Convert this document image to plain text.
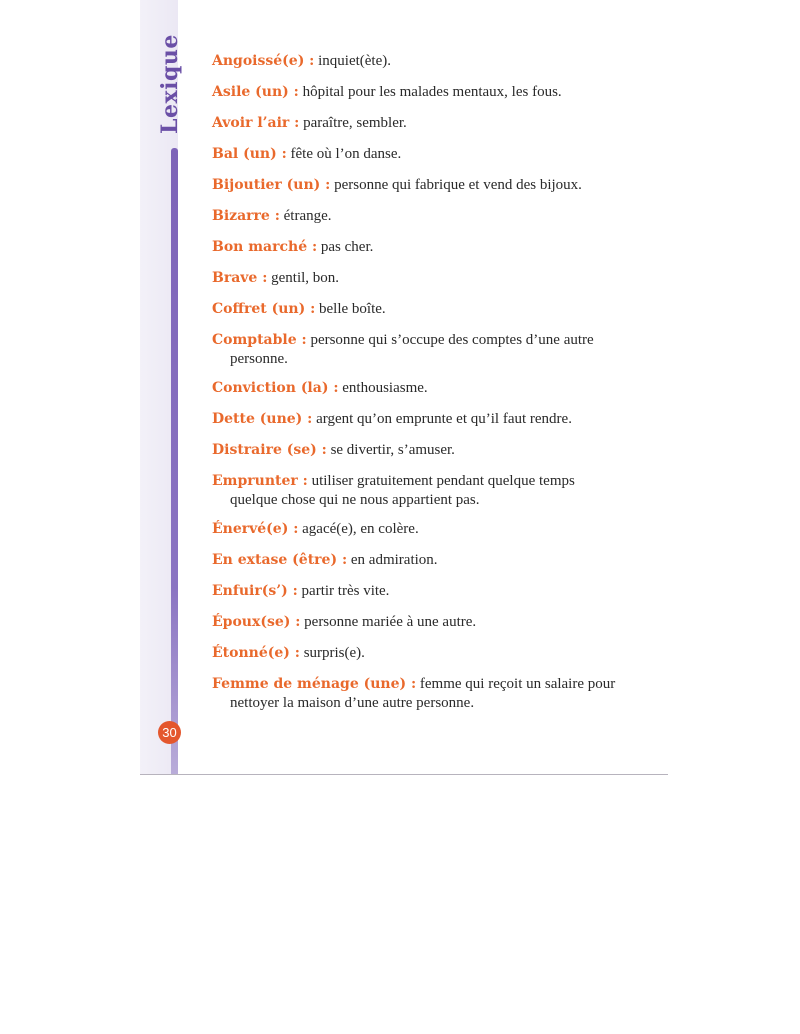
Lexique
30

Angoissé(e) : inquiet(ète).

Asile (un) : hôpital pour les malades mentaux, les fous.

Avoir l’air : paraître, sembler.

Bal (un) : fête où l’on danse.

Bijoutier (un) : personne qui fabrique et vend des bijoux.

Bizarre : étrange.

Bon marché : pas cher.

Brave : gentil, bon.

Coffret (un) : belle boîte.

Comptable : personne qui s’occupe des comptes d’une autre personne.

Conviction (la) : enthousiasme.

Dette (une) : argent qu’on emprunte et qu’il faut rendre.

Distraire (se) : se divertir, s’amuser.

Emprunter : utiliser gratuitement pendant quelque temps quelque chose qui ne nous appartient pas.

Énervé(e) : agacé(e), en colère.

En extase (être) : en admiration.

Enfuir(s’) : partir très vite.

Époux(se) : personne mariée à une autre.

Étonné(e) : surpris(e).

Femme de ménage (une) : femme qui reçoit un salaire pour nettoyer la maison d’une autre personne.
